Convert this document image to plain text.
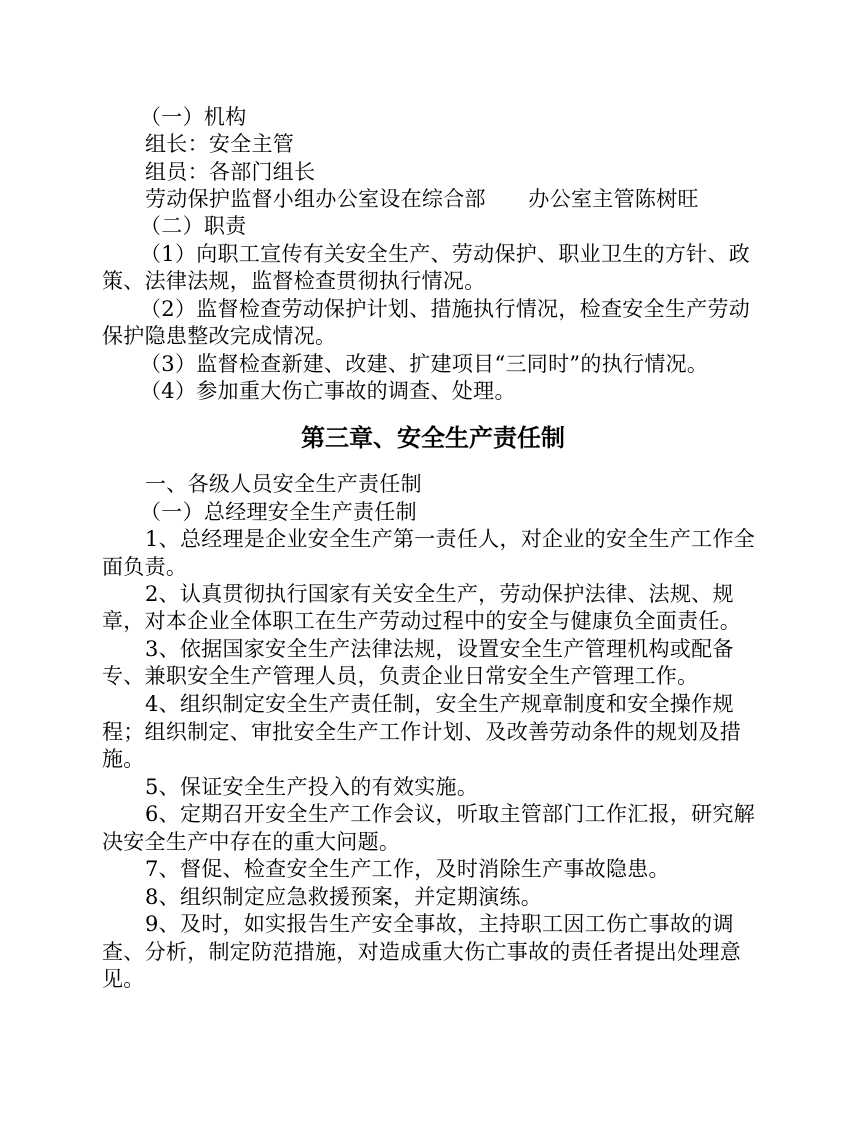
（一）机构
组长：安全主管
组员：各部门组长
劳动保护监督小组办公室设在综合部　　办公室主管陈树旺
（二）职责
（1）向职工宣传有关安全生产、劳动保护、职业卫生的方针、政
策、法律法规，监督检查贯彻执行情况。
（2）监督检查劳动保护计划、措施执行情况，检查安全生产劳动
保护隐患整改完成情况。
（3）监督检查新建、改建、扩建项目“三同时”的执行情况。
（4）参加重大伤亡事故的调查、处理。
第三章、安全生产责任制
一、各级人员安全生产责任制
（一）总经理安全生产责任制
1、总经理是企业安全生产第一责任人，对企业的安全生产工作全
面负责。
2、认真贯彻执行国家有关安全生产，劳动保护法律、法规、规
章，对本企业全体职工在生产劳动过程中的安全与健康负全面责任。
3、依据国家安全生产法律法规，设置安全生产管理机构或配备
专、兼职安全生产管理人员，负责企业日常安全生产管理工作。
4、组织制定安全生产责任制，安全生产规章制度和安全操作规
程；组织制定、审批安全生产工作计划、及改善劳动条件的规划及措
施。
5、保证安全生产投入的有效实施。
6、定期召开安全生产工作会议，听取主管部门工作汇报，研究解
决安全生产中存在的重大问题。
7、督促、检查安全生产工作，及时消除生产事故隐患。
8、组织制定应急救援预案，并定期演练。
9、及时，如实报告生产安全事故，主持职工因工伤亡事故的调
查、分析，制定防范措施，对造成重大伤亡事故的责任者提出处理意
见。
